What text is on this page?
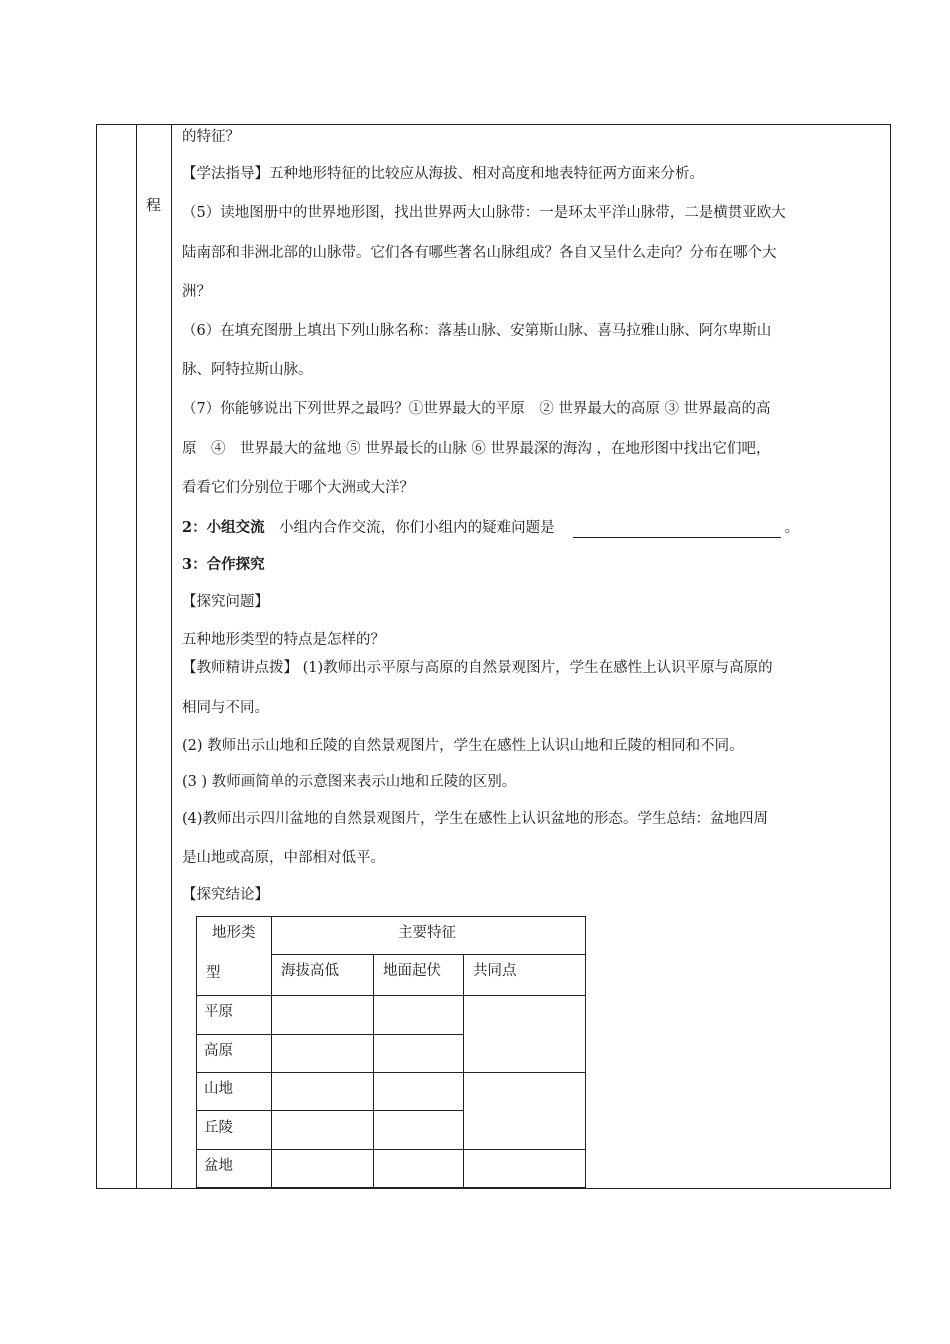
程
的特征？
【学法指导】五种地形特征的比较应从海拔、相对高度和地表特征两方面来分析。
（5）读地图册中的世界地形图，找出世界两大山脉带：一是环太平洋山脉带，二是横贯亚欧大
陆南部和非洲北部的山脉带。它们各有哪些著名山脉组成？各自又呈什么走向？分布在哪个大
洲？
（6）在填充图册上填出下列山脉名称：落基山脉、安第斯山脉、喜马拉雅山脉、阿尔卑斯山
脉、阿特拉斯山脉。
（7）你能够说出下列世界之最吗？①世界最大的平原　② 世界最大的高原 ③ 世界最高的高
原　④　世界最大的盆地 ⑤ 世界最长的山脉 ⑥ 世界最深的海沟 ，在地形图中找出它们吧，
看看它们分别位于哪个大洲或大洋？
2：小组交流　小组内合作交流，你们小组内的疑难问题是	。
3：合作探究
【探究问题】
五种地形类型的特点是怎样的？
【教师精讲点拨】 (1)教师出示平原与高原的自然景观图片，学生在感性上认识平原与高原的
相同与不同。
(2) 教师出示山地和丘陵的自然景观图片，学生在感性上认识山地和丘陵的相同和不同。
(3 ) 教师画简单的示意图来表示山地和丘陵的区别。
(4)教师出示四川盆地的自然景观图片，学生在感性上认识盆地的形态。学生总结：盆地四周
是山地或高原，中部相对低平。
【探究结论】
地形类
型
主要特征
海拔高低	地面起伏 共同点
平原
高原
山地
丘陵
盆地
